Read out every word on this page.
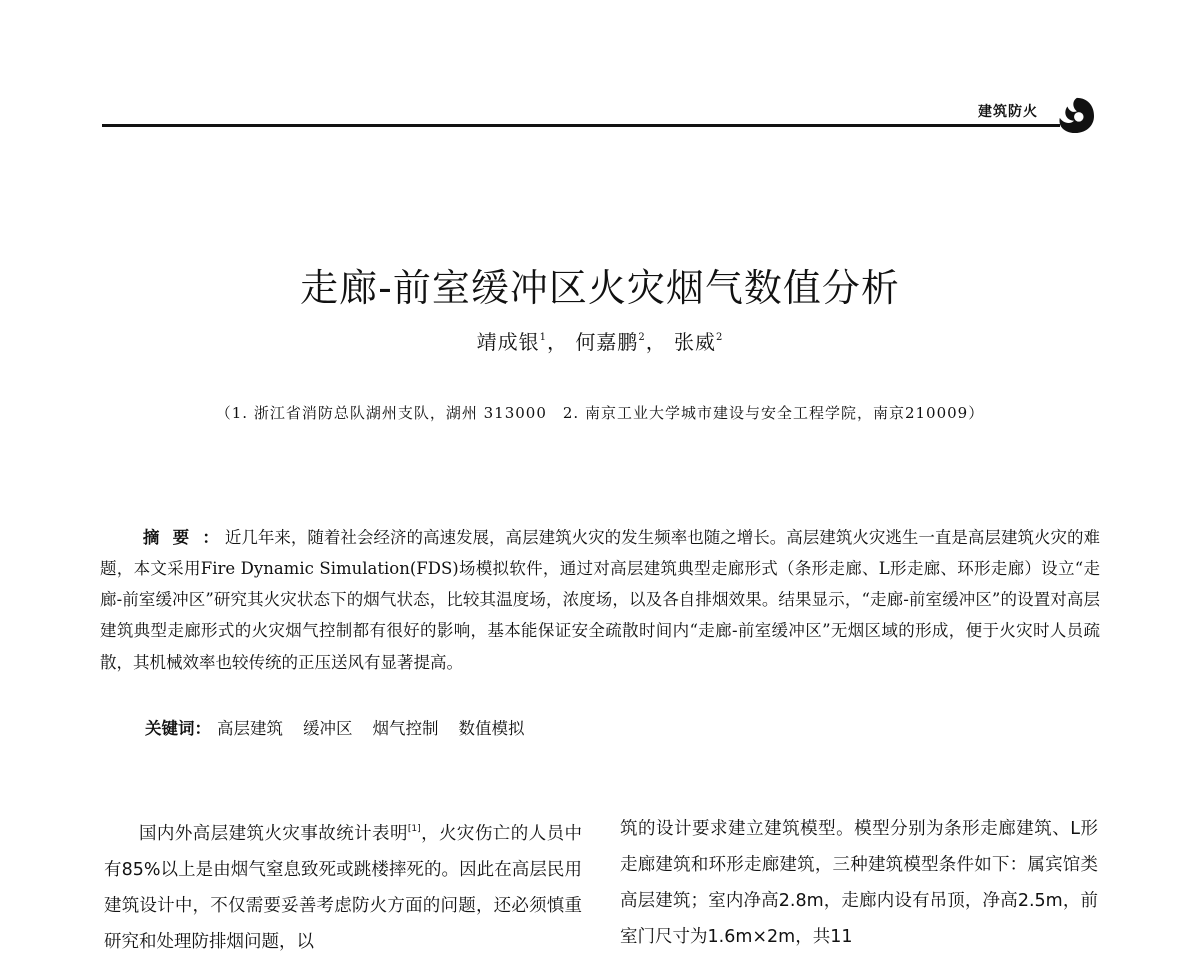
建筑防火
走廊-前室缓冲区火灾烟气数值分析
靖成银$^1$， 何嘉鹏$^2$， 张威$^2$
（1. 浙江省消防总队湖州支队，湖州 313000　2. 南京工业大学城市建设与安全工程学院，南京210009）

摘要： 近几年来，随着社会经济的高速发展，高层建筑火灾的发生频率也随之增长。高层建筑火灾逃生一直是高层建筑火灾的难题，本文采用Fire Dynamic Simulation(FDS)场模拟软件，通过对高层建筑典型走廊形式（条形走廊、L形走廊、环形走廊）设立“走廊-前室缓冲区”研究其火灾状态下的烟气状态，比较其温度场，浓度场，以及各自排烟效果。结果显示，“走廊-前室缓冲区”的设置对高层建筑典型走廊形式的火灾烟气控制都有很好的影响，基本能保证安全疏散时间内“走廊-前室缓冲区”无烟区域的形成，便于火灾时人员疏散，其机械效率也较传统的正压送风有显著提高。

关键词： 高层建筑 缓冲区 烟气控制 数值模拟

国内外高层建筑火灾事故统计表明[1]，火灾伤亡的人员中有85%以上是由烟气窒息致死或跳楼摔死的。因此在高层民用建筑设计中，不仅需要妥善考虑防火方面的问题，还必须慎重研究和处理防排烟问题，以

筑的设计要求建立建筑模型。模型分别为条形走廊建筑、L形走廊建筑和环形走廊建筑，三种建筑模型条件如下：属宾馆类高层建筑；室内净高2.8m，走廊内设有吊顶，净高2.5m，前室门尺寸为1.6m×2m，共11
